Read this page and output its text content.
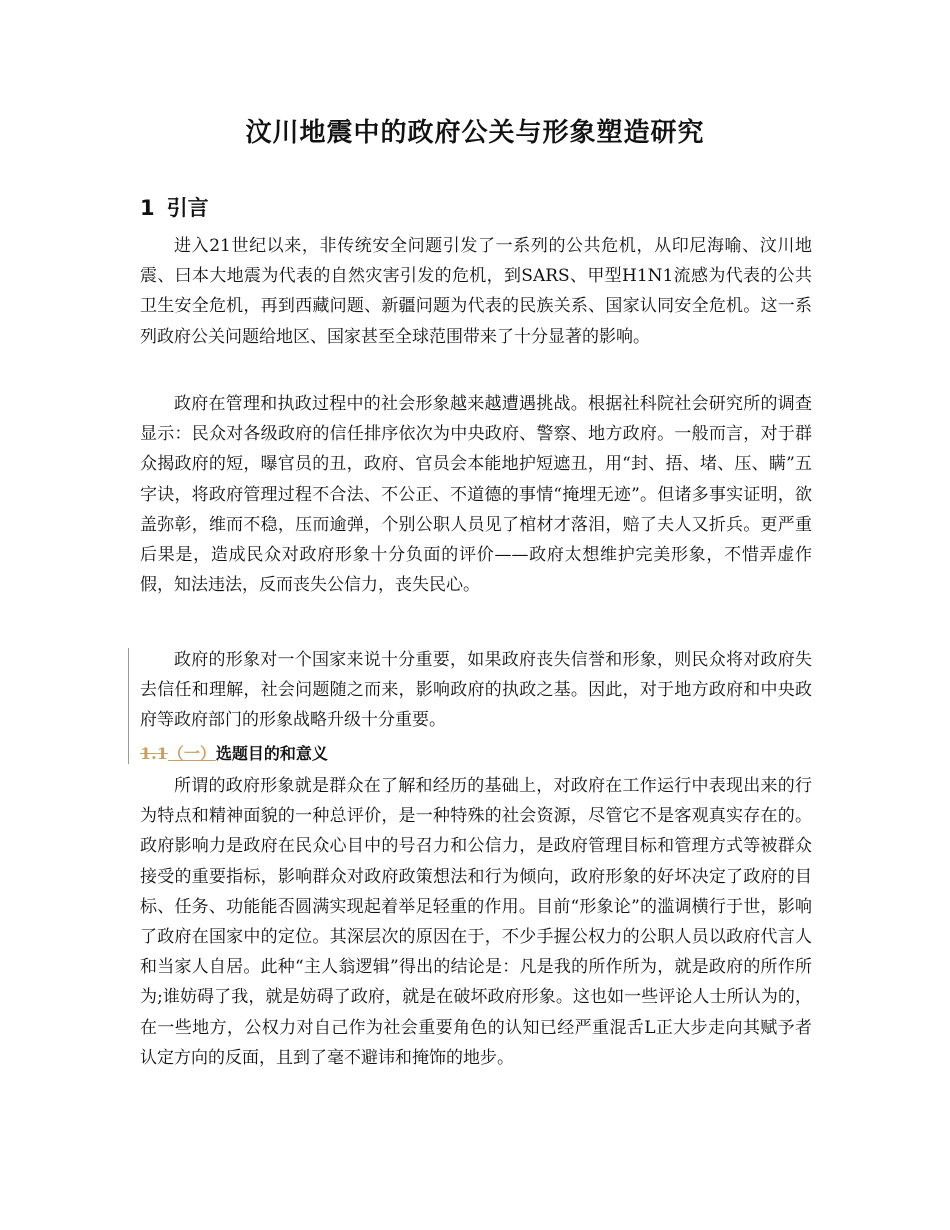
汶川地震中的政府公关与形象塑造研究
1 引言

进入21世纪以来，非传统安全问题引发了一系列的公共危机，从印尼海喻、汶川地震、曰本大地震为代表的自然灾害引发的危机，到SARS、甲型H1N1流感为代表的公共卫生安全危机，再到西藏问题、新疆问题为代表的民族关系、国家认同安全危机。这一系列政府公关问题给地区、国家甚至全球范围带来了十分显著的影响。

政府在管理和执政过程中的社会形象越来越遭遇挑战。根据社科院社会研究所的调查显示：民众对各级政府的信任排序依次为中央政府、警察、地方政府。一般而言，对于群众揭政府的短，曝官员的丑，政府、官员会本能地护短遮丑，用“封、捂、堵、压、瞒”五字诀，将政府管理过程不合法、不公正、不道德的事情“掩埋无迹”。但诸多事实证明，欲盖弥彰，维而不稳，压而逾弹，个别公职人员见了棺材才落泪，赔了夫人又折兵。更严重后果是，造成民众对政府形象十分负面的评价——政府太想维护完美形象，不惜弄虚作假，知法违法，反而丧失公信力，丧失民心。

政府的形象对一个国家来说十分重要，如果政府丧失信誉和形象，则民众将对政府失去信任和理解，社会问题随之而来，影响政府的执政之基。因此，对于地方政府和中央政府等政府部门的形象战略升级十分重要。

1.1（一）选题目的和意义

所谓的政府形象就是群众在了解和经历的基础上，对政府在工作运行中表现出来的行为特点和精神面貌的一种总评价，是一种特殊的社会资源，尽管它不是客观真实存在的。政府影响力是政府在民众心目中的号召力和公信力，是政府管理目标和管理方式等被群众接受的重要指标，影响群众对政府政策想法和行为倾向，政府形象的好坏决定了政府的目标、任务、功能能否圆满实现起着举足轻重的作用。目前“形象论”的滥调横行于世，影响了政府在国家中的定位。其深层次的原因在于，不少手握公权力的公职人员以政府代言人和当家人自居。此种“主人翁逻辑”得出的结论是：凡是我的所作所为，就是政府的所作所为;谁妨碍了我，就是妨碍了政府，就是在破坏政府形象。这也如一些评论人士所认为的，在一些地方，公权力对自己作为社会重要角色的认知已经严重混舌L正大步走向其赋予者认定方向的反面，且到了毫不避讳和掩饰的地步。
